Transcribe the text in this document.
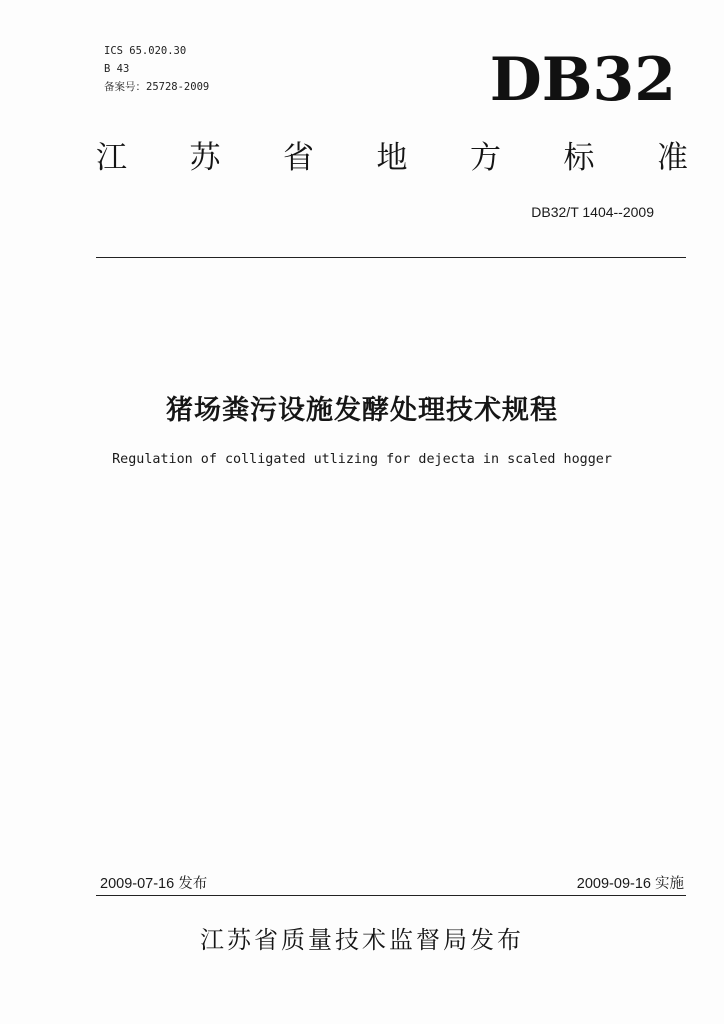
ICS 65.020.30
B 43
备案号：25728-2009	DB32
江 苏 省 地 方 标 准
DB32/T 1404--2009
猪场粪污设施发酵处理技术规程
Regulation of colligated utlizing for dejecta in scaled hogger
2009-07-16 发布	2009-09-16 实施
江苏省质量技术监督局发布
